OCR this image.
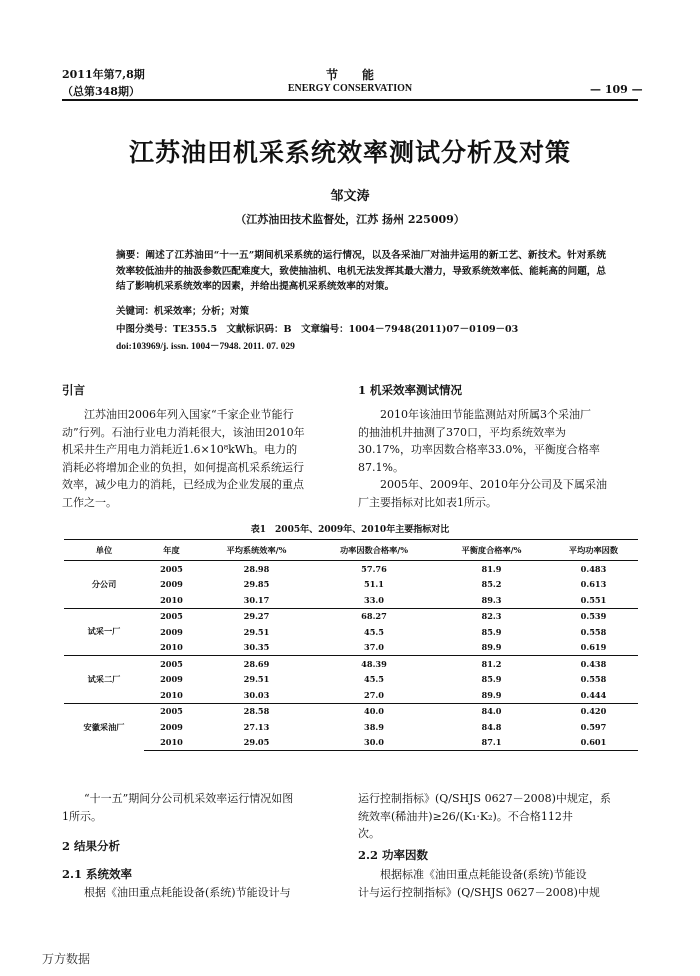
2011年第7,8期
（总第348期）
节　　能
ENERGY CONSERVATION	— 109 —
江苏油田机采系统效率测试分析及对策
邹文涛
（江苏油田技术监督处，江苏 扬州 225009）
摘要：阐述了江苏油田“十一五”期间机采系统的运行情况，以及各采油厂对油井运用的新工艺、新技术。针对系统效率较低油井的抽汲参数匹配难度大，致使抽油机、电机无法发挥其最大潜力，导致系统效率低、能耗高的问题，总结了影响机采系统效率的因素，并给出提高机采系统效率的对策。
关键词：机采效率；分析；对策
中图分类号：TE355.5　文献标识码：B　文章编号：1004－7948(2011)07－0109－03
doi:103969/j. issn. 1004－7948. 2011. 07. 029
引言
江苏油田2006年列入国家“千家企业节能行
动”行列。石油行业电力消耗很大，该油田2010年
机采井生产用电力消耗近1.6×10⁸kWh。电力的
消耗必将增加企业的负担，如何提高机采系统运行
效率，减少电力的消耗，已经成为企业发展的重点
工作之一。
1 机采效率测试情况
2010年该油田节能监测站对所属3个采油厂
的抽油机井抽测了370口，平均系统效率为
30.17%，功率因数合格率33.0%，平衡度合格率
87.1%。
2005年、2009年、2010年分公司及下属采油
厂主要指标对比如表1所示。
表1　2005年、2009年、2010年主要指标对比
单位	年度	平均系统效率/%	功率因数合格率/%	平衡度合格率/%	平均功率因数
分公司	2005	28.98	57.76	81.9	0.483
	2009	29.85	51.1	85.2	0.613
	2010	30.17	33.0	89.3	0.551
试采一厂	2005	29.27	68.27	82.3	0.539
	2009	29.51	45.5	85.9	0.558
	2010	30.35	37.0	89.9	0.619
试采二厂	2005	28.69	48.39	81.2	0.438
	2009	29.51	45.5	85.9	0.558
	2010	30.03	27.0	89.9	0.444
安徽采油厂	2005	28.58	40.0	84.0	0.420
	2009	27.13	38.9	84.8	0.597
	2010	29.05	30.0	87.1	0.601
“十一五”期间分公司机采效率运行情况如图
1所示。
2 结果分析
2.1 系统效率
根据《油田重点耗能设备(系统)节能设计与
运行控制指标》(Q/SHJS 0627－2008)中规定，系
统效率(稀油井)≥26/(K₁·K₂)。不合格112井
次。
2.2 功率因数
根据标准《油田重点耗能设备(系统)节能设
计与运行控制指标》(Q/SHJS 0627－2008)中规
万方数据
